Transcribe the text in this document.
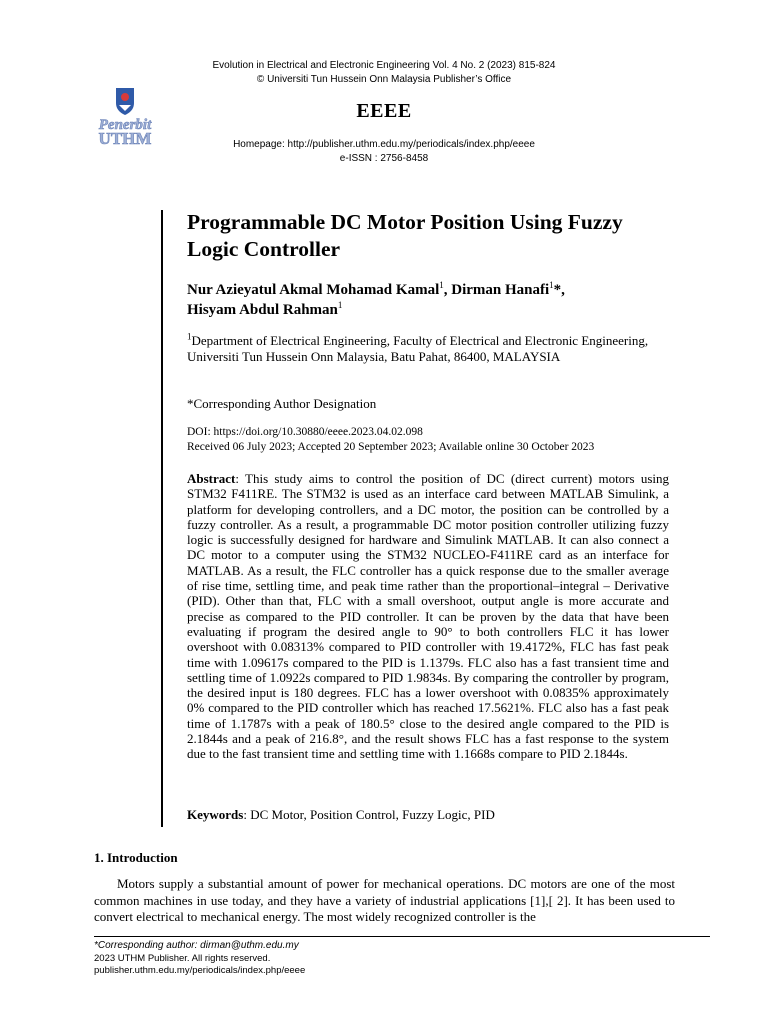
Evolution in Electrical and Electronic Engineering Vol. 4 No. 2 (2023) 815-824
© Universiti Tun Hussein Onn Malaysia Publisher’s Office
Penerbit
UTHM
EEEE
Homepage: http://publisher.uthm.edu.my/periodicals/index.php/eeee
e-ISSN : 2756-8458
Programmable DC Motor Position Using Fuzzy Logic Controller
Nur Azieyatul Akmal Mohamad Kamal$^1$, Dirman Hanafi$^1$*,
Hisyam Abdul Rahman$^1$
$^1$Department of Electrical Engineering, Faculty of Electrical and Electronic Engineering,
Universiti Tun Hussein Onn Malaysia, Batu Pahat, 86400, MALAYSIA
*Corresponding Author Designation
DOI: https://doi.org/10.30880/eeee.2023.04.02.098
Received 06 July 2023; Accepted 20 September 2023; Available online 30 October 2023
Abstract: This study aims to control the position of DC (direct current) motors using STM32 F411RE. The STM32 is used as an interface card between MATLAB Simulink, a platform for developing controllers, and a DC motor, the position can be controlled by a fuzzy controller. As a result, a programmable DC motor position controller utilizing fuzzy logic is successfully designed for hardware and Simulink MATLAB. It can also connect a DC motor to a computer using the STM32 NUCLEO-F411RE card as an interface for MATLAB. As a result, the FLC controller has a quick response due to the smaller average of rise time, settling time, and peak time rather than the proportional–integral – Derivative (PID). Other than that, FLC with a small overshoot, output angle is more accurate and precise as compared to the PID controller. It can be proven by the data that have been evaluating if program the desired angle to 90° to both controllers FLC it has lower overshoot with 0.08313% compared to PID controller with 19.4172%, FLC has fast peak time with 1.09617s compared to the PID is 1.1379s. FLC also has a fast transient time and settling time of 1.0922s compared to PID 1.9834s. By comparing the controller by program, the desired input is 180 degrees. FLC has a lower overshoot with 0.0835% approximately 0% compared to the PID controller which has reached 17.5621%. FLC also has a fast peak time of 1.1787s with a peak of 180.5° close to the desired angle compared to the PID is 2.1844s and a peak of 216.8°, and the result shows FLC has a fast response to the system due to the fast transient time and settling time with 1.1668s compare to PID 2.1844s.
Keywords: DC Motor, Position Control, Fuzzy Logic, PID
1. Introduction
Motors supply a substantial amount of power for mechanical operations. DC motors are one of the most common machines in use today, and they have a variety of industrial applications [1],[ 2]. It has been used to convert electrical to mechanical energy. The most widely recognized controller is the
*Corresponding author: dirman@uthm.edu.my
2023 UTHM Publisher. All rights reserved.
publisher.uthm.edu.my/periodicals/index.php/eeee
